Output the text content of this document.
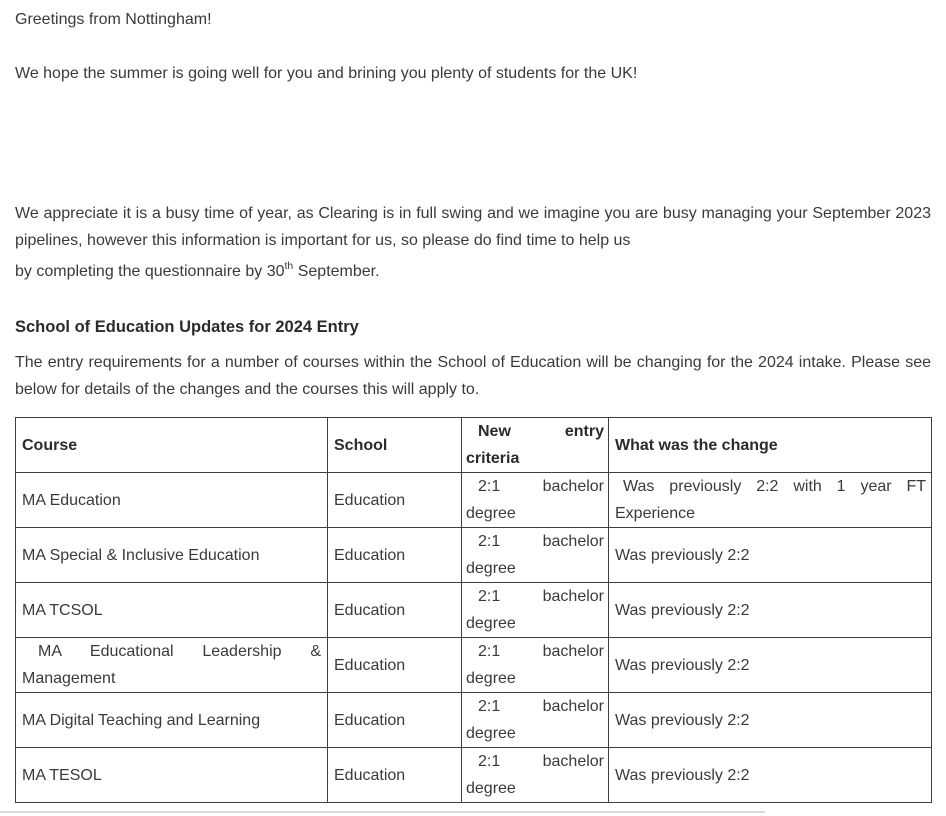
Greetings from Nottingham!

We hope the summer is going well for you and brining you plenty of students for the UK!

We appreciate it is a busy time of year, as Clearing is in full swing and we imagine you are busy managing your September 2023 pipelines, however this information is important for us, so please do find time to help us

by completing the questionnaire by 30th September.

School of Education Updates for 2024 Entry

The entry requirements for a number of courses within the School of Education will be changing for the 2024 intake. Please see below for details of the changes and the courses this will apply to.

Course	School	New entry criteria	What was the change
MA Education	Education	2:1 bachelor degree	Was previously 2:2 with 1 year FT Experience
MA Special & Inclusive Education	Education	2:1 bachelor degree	Was previously 2:2
MA TCSOL	Education	2:1 bachelor degree	Was previously 2:2
MA Educational Leadership & Management	Education	2:1 bachelor degree	Was previously 2:2
MA Digital Teaching and Learning	Education	2:1 bachelor degree	Was previously 2:2
MA TESOL	Education	2:1 bachelor degree	Was previously 2:2
